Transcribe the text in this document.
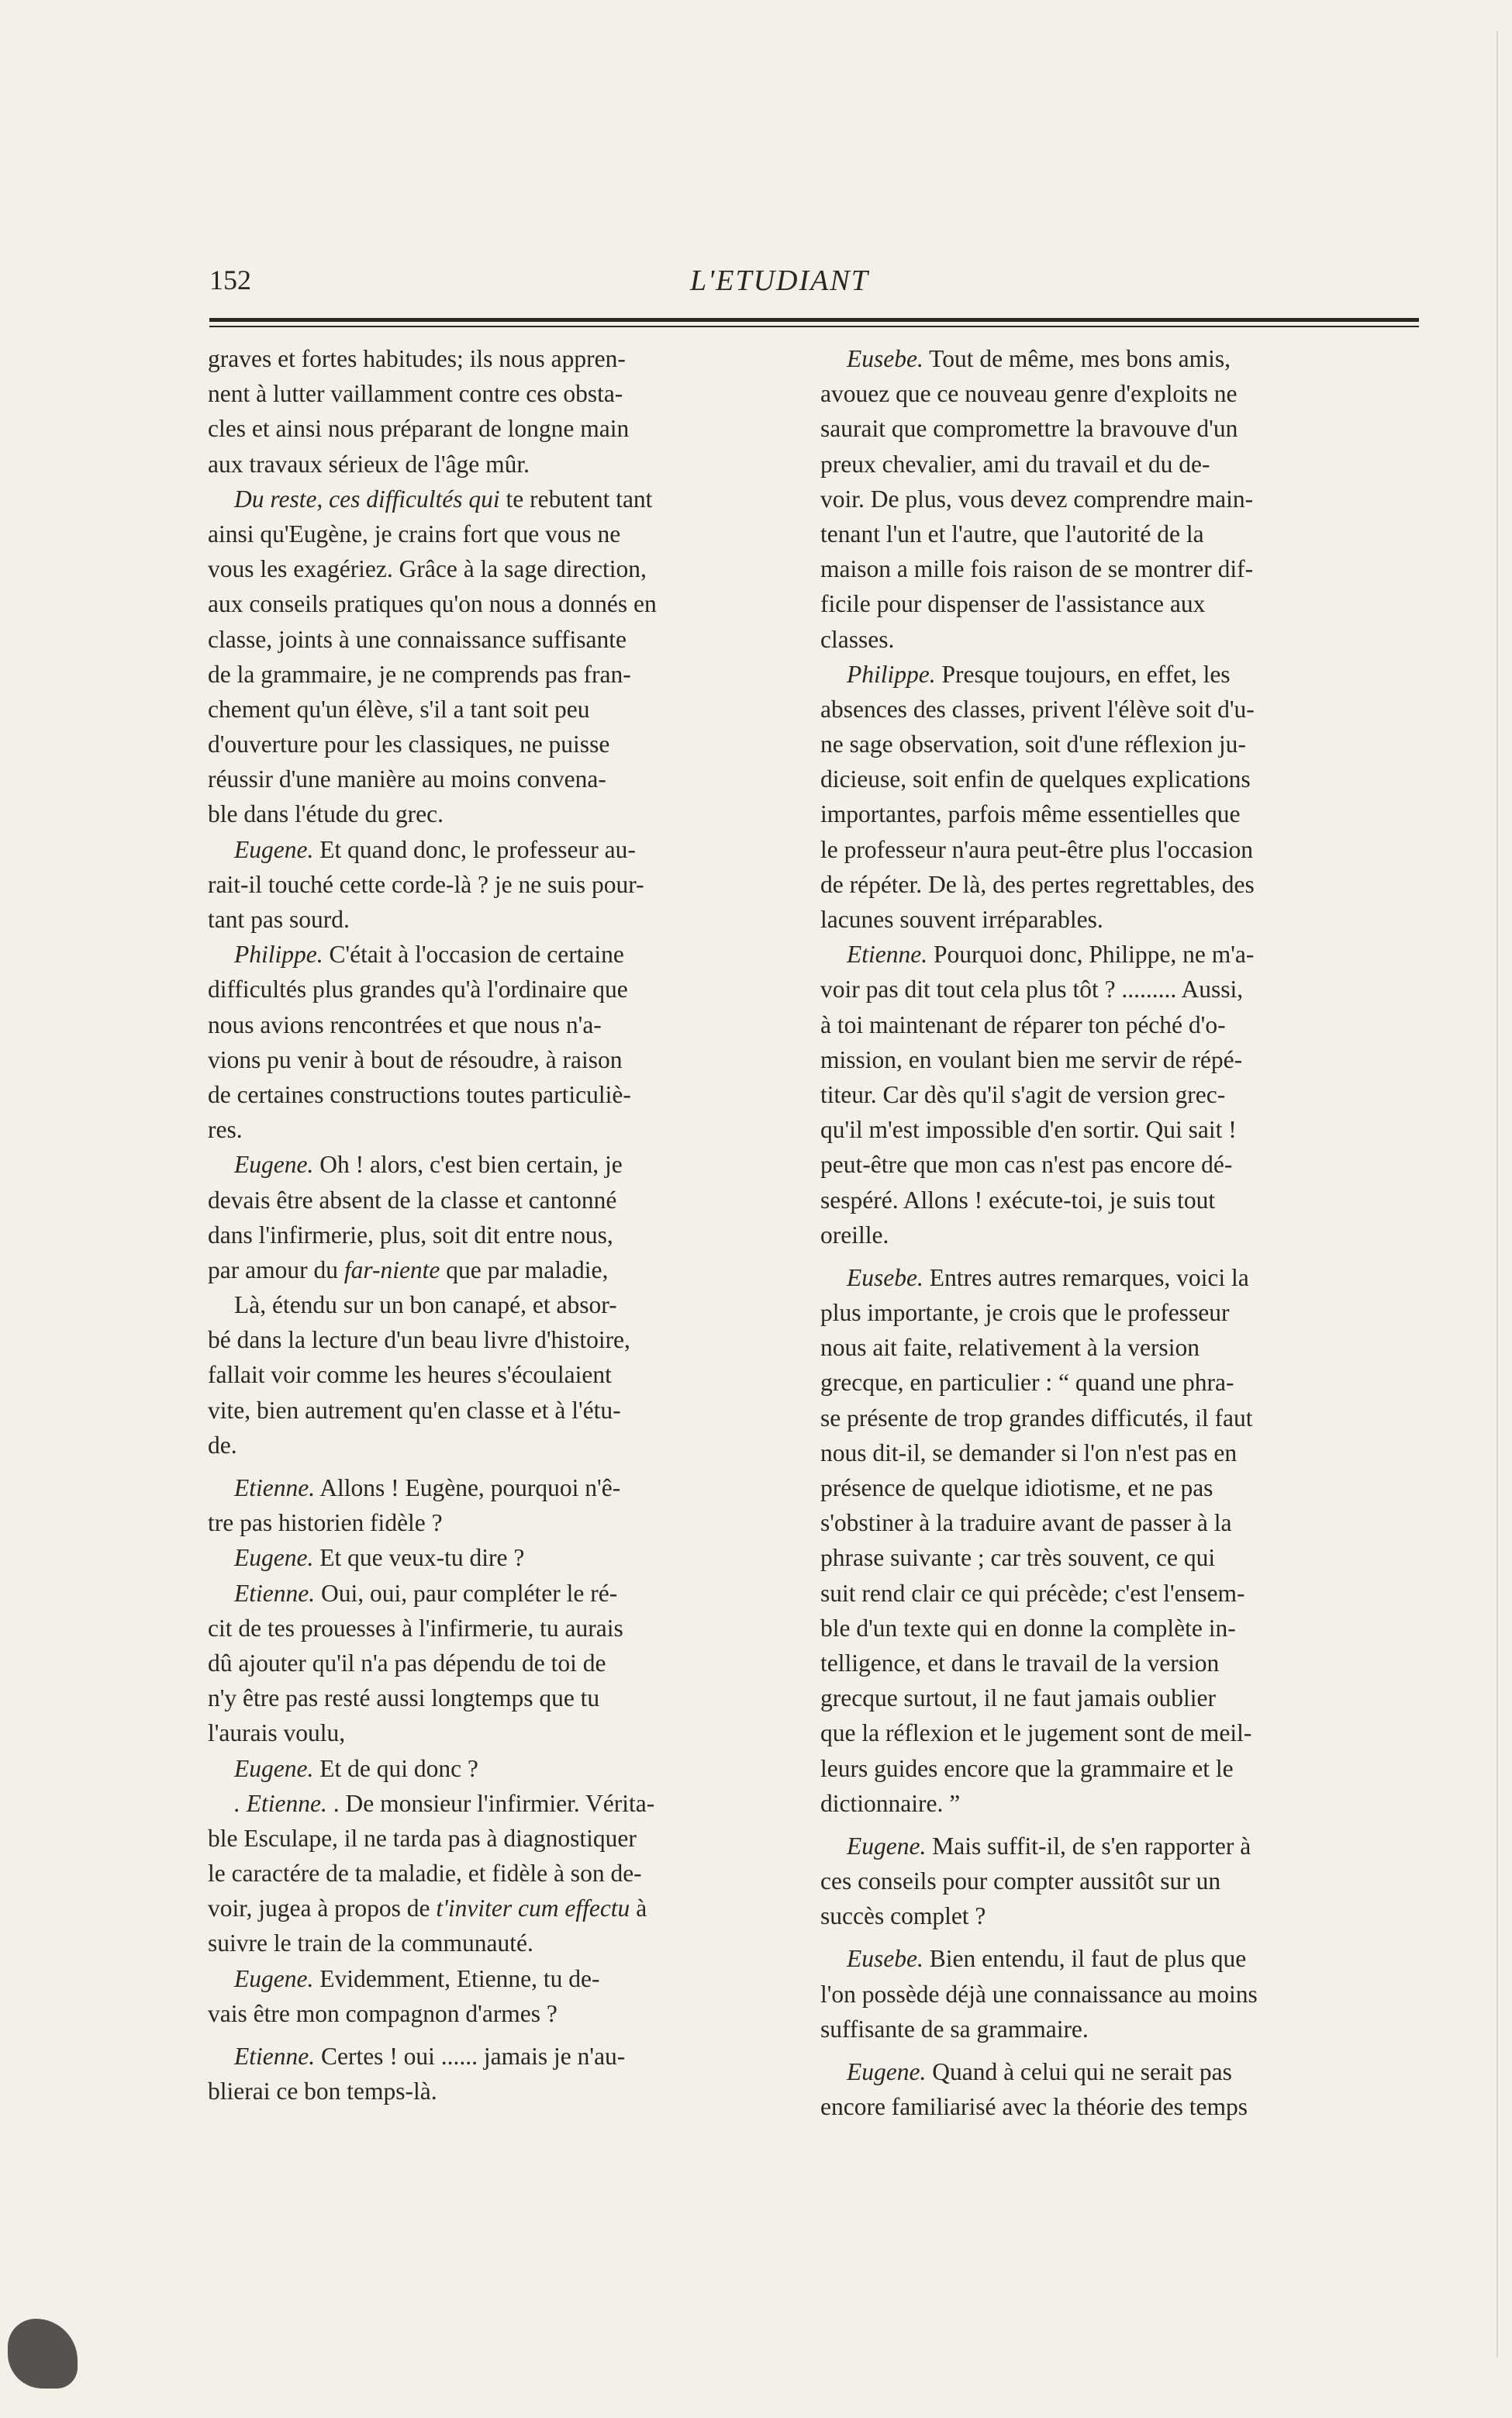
152	L'ETUDIANT
graves et fortes habitudes; ils nous appren-
nent à lutter vaillamment contre ces obsta-
cles et ainsi nous préparant de longne main
aux travaux sérieux de l'âge mûr.
Du reste, ces difficultés qui te rebutent tant
ainsi qu'Eugène, je crains fort que vous ne
vous les exagériez. Grâce à la sage direction,
aux conseils pratiques qu'on nous a donnés en
classe, joints à une connaissance suffisante
de la grammaire, je ne comprends pas fran-
chement qu'un élève, s'il a tant soit peu
d'ouverture pour les classiques, ne puisse
réussir d'une manière au moins convena-
ble dans l'étude du grec.
Eugene. Et quand donc, le professeur au-
rait-il touché cette corde-là ? je ne suis pour-
tant pas sourd.
Philippe. C'était à l'occasion de certaine
difficultés plus grandes qu'à l'ordinaire que
nous avions rencontrées et que nous n'a-
vions pu venir à bout de résoudre, à raison
de certaines constructions toutes particuliè-
res.
Eugene. Oh ! alors, c'est bien certain, je
devais être absent de la classe et cantonné
dans l'infirmerie, plus, soit dit entre nous,
par amour du far-niente que par maladie,
Là, étendu sur un bon canapé, et absor-
bé dans la lecture d'un beau livre d'histoire,
fallait voir comme les heures s'écoulaient
vite, bien autrement qu'en classe et à l'étu-
de.
Etienne. Allons ! Eugène, pourquoi n'ê-
tre pas historien fidèle ?
Eugene. Et que veux-tu dire ?
Etienne. Oui, oui, paur compléter le ré-
cit de tes prouesses à l'infirmerie, tu aurais
dû ajouter qu'il n'a pas dépendu de toi de
n'y être pas resté aussi longtemps que tu
l'aurais voulu,
Eugene. Et de qui donc ?
. Etienne. . De monsieur l'infirmier. Vérita-
ble Esculape, il ne tarda pas à diagnostiquer
le caractére de ta maladie, et fidèle à son de-
voir, jugea à propos de t'inviter cum effectu à
suivre le train de la communauté.
Eugene. Evidemment, Etienne, tu de-
vais être mon compagnon d'armes ?
Etienne. Certes ! oui ...... jamais je n'au-
blierai ce bon temps-là.
Eusebe. Tout de même, mes bons amis,
avouez que ce nouveau genre d'exploits ne
saurait que compromettre la bravouve d'un
preux chevalier, ami du travail et du de-
voir. De plus, vous devez comprendre main-
tenant l'un et l'autre, que l'autorité de la
maison a mille fois raison de se montrer dif-
ficile pour dispenser de l'assistance aux
classes.
Philippe. Presque toujours, en effet, les
absences des classes, privent l'élève soit d'u-
ne sage observation, soit d'une réflexion ju-
dicieuse, soit enfin de quelques explications
importantes, parfois même essentielles que
le professeur n'aura peut-être plus l'occasion
de répéter. De là, des pertes regrettables, des
lacunes souvent irréparables.
Etienne. Pourquoi donc, Philippe, ne m'a-
voir pas dit tout cela plus tôt ? ......... Aussi,
à toi maintenant de réparer ton péché d'o-
mission, en voulant bien me servir de répé-
titeur. Car dès qu'il s'agit de version grec-
qu'il m'est impossible d'en sortir. Qui sait !
peut-être que mon cas n'est pas encore dé-
sespéré. Allons ! exécute-toi, je suis tout
oreille.
Eusebe. Entres autres remarques, voici la
plus importante, je crois que le professeur
nous ait faite, relativement à la version
grecque, en particulier : “ quand une phra-
se présente de trop grandes difficutés, il faut
nous dit-il, se demander si l'on n'est pas en
présence de quelque idiotisme, et ne pas
s'obstiner à la traduire avant de passer à la
phrase suivante ; car très souvent, ce qui
suit rend clair ce qui précède; c'est l'ensem-
ble d'un texte qui en donne la complète in-
telligence, et dans le travail de la version
grecque surtout, il ne faut jamais oublier
que la réflexion et le jugement sont de meil-
leurs guides encore que la grammaire et le
dictionnaire. ”
Eugene. Mais suffit-il, de s'en rapporter à
ces conseils pour compter aussitôt sur un
succès complet ?
Eusebe. Bien entendu, il faut de plus que
l'on possède déjà une connaissance au moins
suffisante de sa grammaire.
Eugene. Quand à celui qui ne serait pas
encore familiarisé avec la théorie des temps
